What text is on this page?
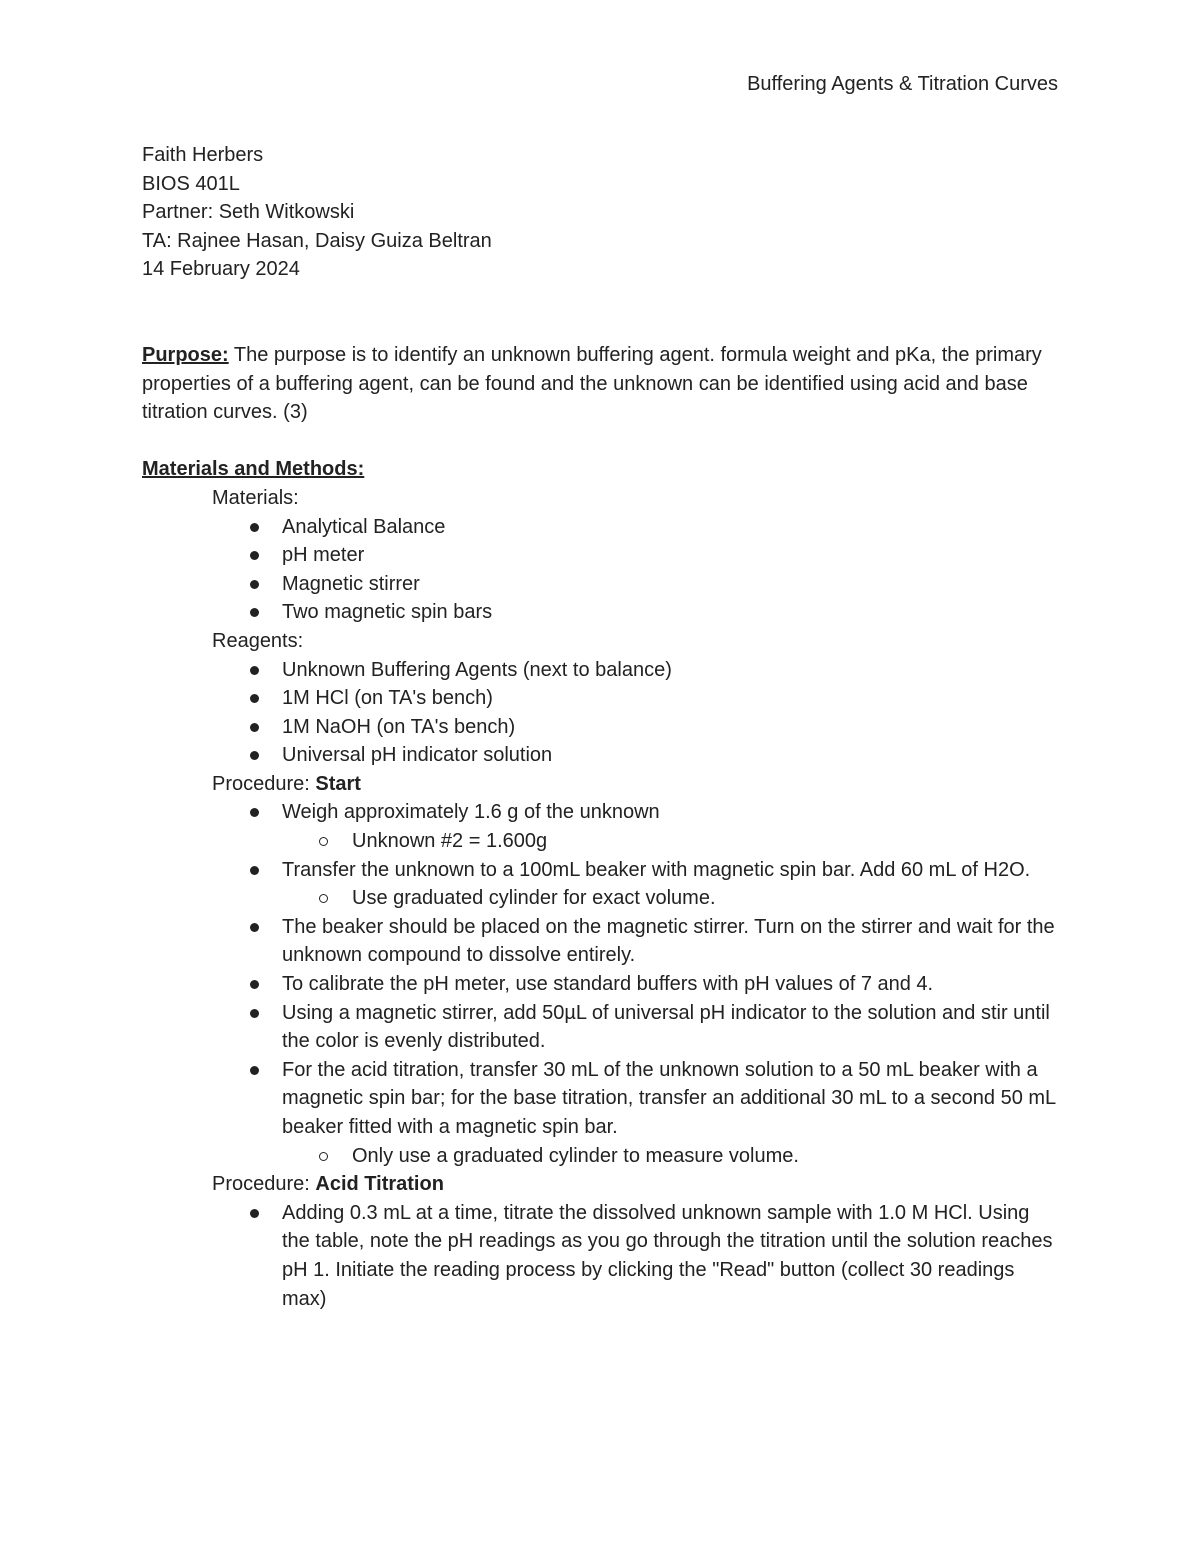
Buffering Agents & Titration Curves

Faith Herbers

BIOS 401L

Partner: Seth Witkowski

TA: Rajnee Hasan, Daisy Guiza Beltran

14 February 2024

Purpose: The purpose is to identify an unknown buffering agent. formula weight and pKa, the primary properties of a buffering agent, can be found and the unknown can be identified using acid and base titration curves. (3)

Materials and Methods:

Materials:

Analytical Balance
pH meter
Magnetic stirrer
Two magnetic spin bars

Reagents:

Unknown Buffering Agents (next to balance)
1M HCl (on TA's bench)
1M NaOH (on TA's bench)
Universal pH indicator solution

Procedure: Start

Weigh approximately 1.6 g of the unknown
Unknown #2 = 1.600g
Transfer the unknown to a 100mL beaker with magnetic spin bar. Add 60 mL of H2O.
Use graduated cylinder for exact volume.
The beaker should be placed on the magnetic stirrer. Turn on the stirrer and wait for the unknown compound to dissolve entirely.
To calibrate the pH meter, use standard buffers with pH values of 7 and 4.
Using a magnetic stirrer, add 50µL of universal pH indicator to the solution and stir until the color is evenly distributed.
For the acid titration, transfer 30 mL of the unknown solution to a 50 mL beaker with a magnetic spin bar; for the base titration, transfer an additional 30 mL to a second 50 mL beaker fitted with a magnetic spin bar.
Only use a graduated cylinder to measure volume.

Procedure: Acid Titration

Adding 0.3 mL at a time, titrate the dissolved unknown sample with 1.0 M HCl. Using the table, note the pH readings as you go through the titration until the solution reaches pH 1. Initiate the reading process by clicking the "Read" button (collect 30 readings max)
